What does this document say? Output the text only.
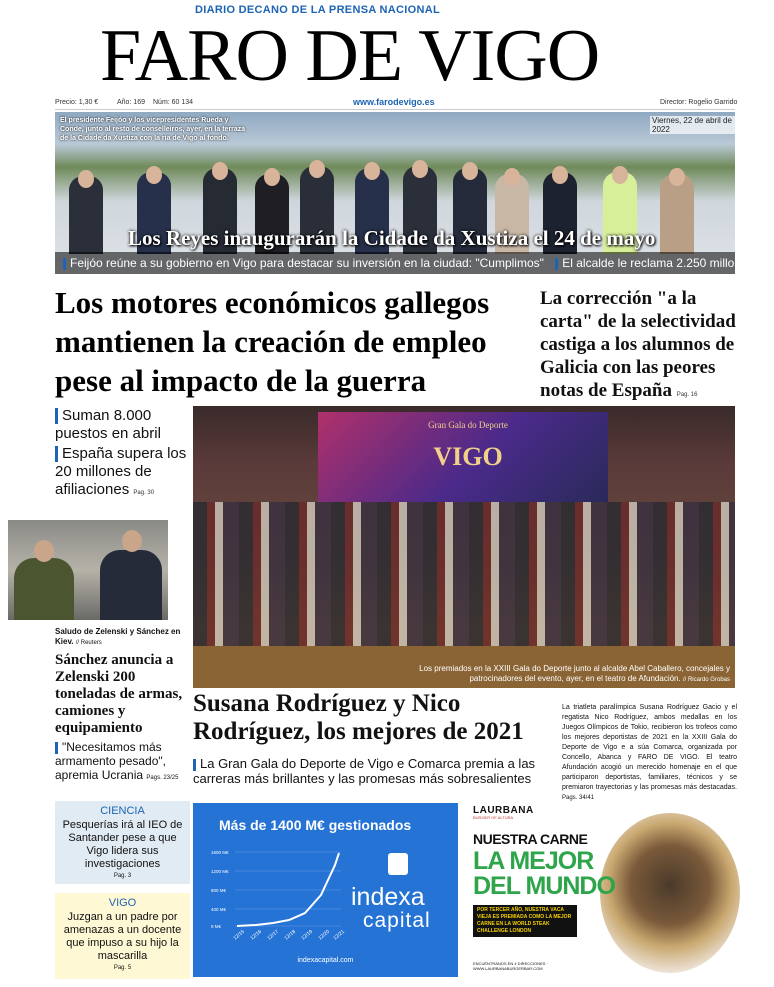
DIARIO DECANO DE LA PRENSA NACIONAL
FARO DE VIGO
Precio: 1,30 €	Año: 169 Núm: 60 134	www.farodevigo.es	Director: Rogelio Garrido
El presidente Feijóo y los vicepresidentes Rueda y Conde, junto al resto de conselleiros, ayer, en la terraza de la Cidade da Xustiza con la ría de Vigo al fondo.
Viernes, 22 de abril de 2022
Los Reyes inaugurarán la Cidade da Xustiza el 24 de mayo
Feijóo reúne a su gobierno en Vigo para destacar su inversión en la ciudad: "Cumplimos" El alcalde le reclama 2.250 millones Pag. 2
Los motores económicos gallegos mantienen la creación de empleo pese al impacto de la guerra
La corrección "a la carta" de la selectividad castiga a los alumnos de Galicia con las peores notas de España Pag. 16

Suman 8.000 puestos en abril

España supera los 20 millones de afiliaciones Pag. 30

Gran Gala do Deporte
VIGO
Los premiados en la XXIII Gala do Deporte junto al alcalde Abel Caballero, concejales y patrocinadores del evento, ayer, en el teatro de Afundación. // Ricardo Grobas
Saludo de Zelenski y Sánchez en Kiev. // Reuters
Sánchez anuncia a Zelenski 200 toneladas de armas, camiones y equipamiento
"Necesitamos más armamento pesado", apremia Ucrania Pags. 23/25
Susana Rodríguez y Nico Rodríguez, los mejores de 2021
La Gran Gala do Deporte de Vigo e Comarca premia a las carreras más brillantes y las promesas más sobresalientes
La triatleta paralímpica Susana Rodríguez Gacio y el regatista Nico Rodríguez, ambos medallas en los Juegos Olímpicos de Tokio, recibieron los trofeos como los mejores deportistas de 2021 en la XXIII Gala do Deporte de Vigo e a súa Comarca, organizada por Concello, Abanca y FARO DE VIGO. El teatro Afundación acogió un merecido homenaje en el que participaron deportistas, familiares, técnicos y se premiaron trayectorias y las promesas más destacadas. Pags. 34/41
CIENCIA
Pesquerías irá al IEO de Santander pese a que Vigo lidera sus investigaciones
Pag. 3
VIGO
Juzgan a un padre por amenazas a un docente que impuso a su hijo la mascarilla
Pag. 5
Más de 1400 M€ gestionados
1600 M€
1200 M€
800 M€
400 M€
0 M€
12/15 12/16 12/17 12/18 12/19 12/20 12/21
indexa
capital
indexacapital.com
LAURBANA
BURGER OF ALTURA
NUESTRA CARNE
LA MEJOR
DEL MUNDO
POR TERCER AÑO, NUESTRA VACA VIEJA ES PREMIADA COMO LA MEJOR CARNE EN LA WORLD STEAK CHALLENGE LONDON
ENCUÉNTRANOS EN 4 DIRECCIONES · WWW.LAURBANABURGERBAR.COM
